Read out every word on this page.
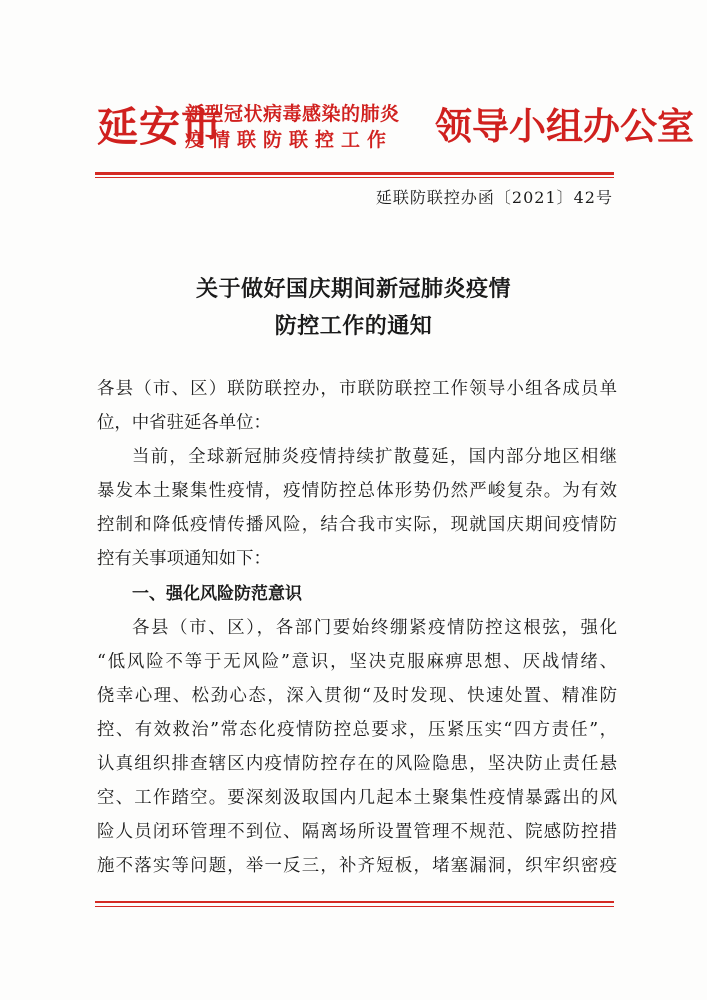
延安市
新型冠状病毒感染的肺炎
疫情联防联控工作	领导小组办公室
延联防联控办函〔2021〕42号
关于做好国庆期间新冠肺炎疫情
防控工作的通知
各县（市、区）联防联控办，市联防联控工作领导小组各成员单
位，中省驻延各单位：
当前，全球新冠肺炎疫情持续扩散蔓延，国内部分地区相继
暴发本土聚集性疫情，疫情防控总体形势仍然严峻复杂。为有效
控制和降低疫情传播风险，结合我市实际，现就国庆期间疫情防
控有关事项通知如下：
一、强化风险防范意识
各县（市、区），各部门要始终绷紧疫情防控这根弦，强化
“低风险不等于无风险”意识，坚决克服麻痹思想、厌战情绪、
侥幸心理、松劲心态，深入贯彻“及时发现、快速处置、精准防
控、有效救治”常态化疫情防控总要求，压紧压实“四方责任”，
认真组织排查辖区内疫情防控存在的风险隐患，坚决防止责任悬
空、工作踏空。要深刻汲取国内几起本土聚集性疫情暴露出的风
险人员闭环管理不到位、隔离场所设置管理不规范、院感防控措
施不落实等问题，举一反三，补齐短板，堵塞漏洞，织牢织密疫
